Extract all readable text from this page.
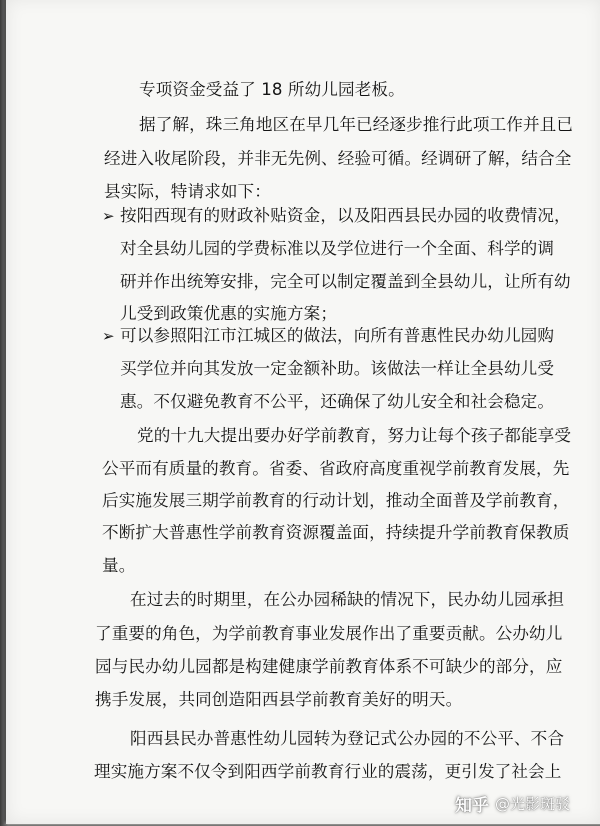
专项资金受益了 18 所幼儿园老板。

据了解，珠三角地区在早几年已经逐步推行此项工作并且已

经进入收尾阶段，并非无先例、经验可循。经调研了解，结合全

县实际，特请求如下：

➢ 按阳西现有的财政补贴资金，以及阳西县民办园的收费情况，

对全县幼儿园的学费标准以及学位进行一个全面、科学的调

研并作出统筹安排，完全可以制定覆盖到全县幼儿，让所有幼

儿受到政策优惠的实施方案；

➢ 可以参照阳江市江城区的做法，向所有普惠性民办幼儿园购

买学位并向其发放一定金额补助。该做法一样让全县幼儿受

惠。不仅避免教育不公平，还确保了幼儿安全和社会稳定。

党的十九大提出要办好学前教育，努力让每个孩子都能享受

公平而有质量的教育。省委、省政府高度重视学前教育发展，先

后实施发展三期学前教育的行动计划，推动全面普及学前教育，

不断扩大普惠性学前教育资源覆盖面，持续提升学前教育保教质

量。

在过去的时期里，在公办园稀缺的情况下，民办幼儿园承担

了重要的角色，为学前教育事业发展作出了重要贡献。公办幼儿

园与民办幼儿园都是构建健康学前教育体系不可缺少的部分，应

携手发展，共同创造阳西县学前教育美好的明天。

阳西县民办普惠性幼儿园转为登记式公办园的不公平、不合

理实施方案不仅令到阳西学前教育行业的震荡，更引发了社会上

知乎 @光影斑驳
